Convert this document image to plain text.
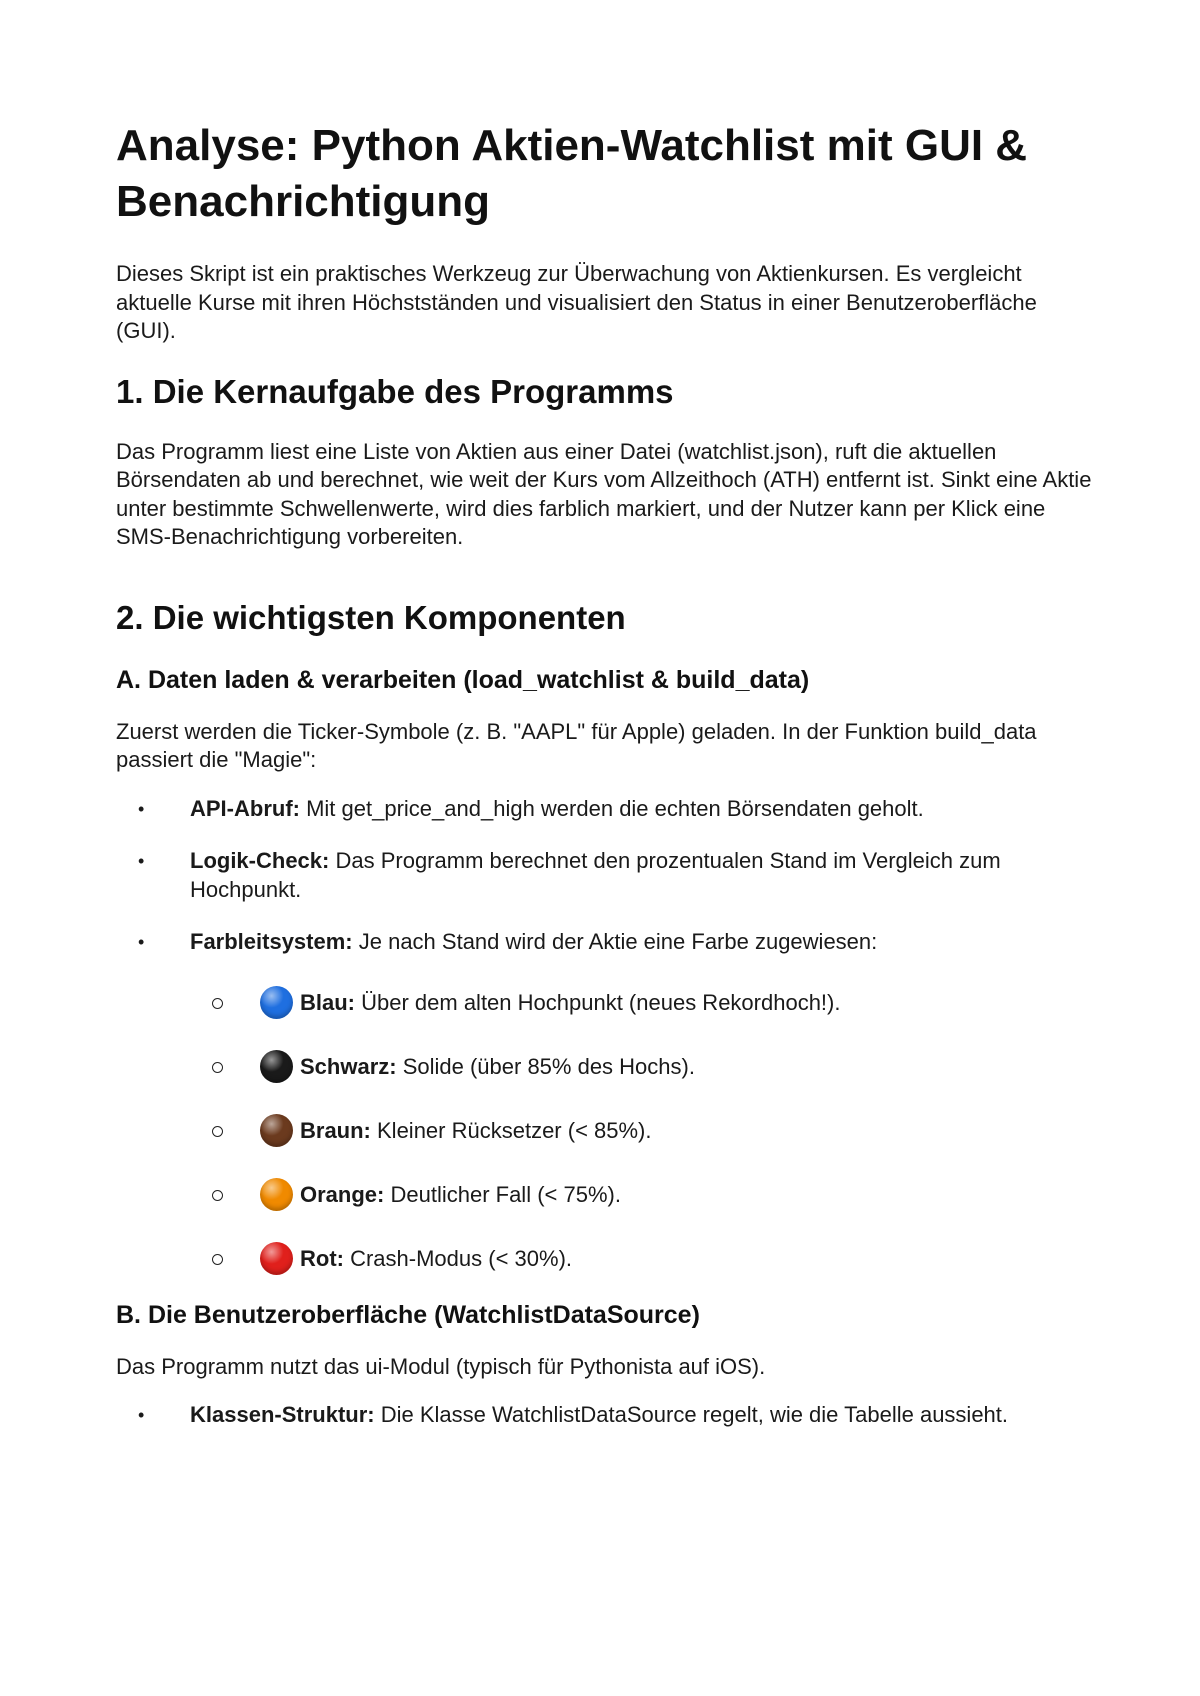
Analyse: Python Aktien-Watchlist mit GUI & Benachrichtigung

Dieses Skript ist ein praktisches Werkzeug zur Überwachung von Aktienkursen. Es vergleicht aktuelle Kurse mit ihren Höchstständen und visualisiert den Status in einer Benutzeroberfläche (GUI).

1. Die Kernaufgabe des Programms

Das Programm liest eine Liste von Aktien aus einer Datei (watchlist.json), ruft die aktuellen Börsendaten ab und berechnet, wie weit der Kurs vom Allzeithoch (ATH) entfernt ist. Sinkt eine Aktie unter bestimmte Schwellenwerte, wird dies farblich markiert, und der Nutzer kann per Klick eine SMS-Benachrichtigung vorbereiten.

2. Die wichtigsten Komponenten
A. Daten laden & verarbeiten (load_watchlist & build_data)

Zuerst werden die Ticker-Symbole (z. B. "AAPL" für Apple) geladen. In der Funktion build_data passiert die "Magie":

• API-Abruf: Mit get_price_and_high werden die echten Börsendaten geholt.
• Logik-Check: Das Programm berechnet den prozentualen Stand im Vergleich zum Hochpunkt.
• Farbleitsystem: Je nach Stand wird der Aktie eine Farbe zugewiesen:
Blau: Über dem alten Hochpunkt (neues Rekordhoch!).
Schwarz: Solide (über 85% des Hochs).
Braun: Kleiner Rücksetzer (< 85%).
Orange: Deutlicher Fall (< 75%).
Rot: Crash-Modus (< 30%).
B. Die Benutzeroberfläche (WatchlistDataSource)

Das Programm nutzt das ui-Modul (typisch für Pythonista auf iOS).

• Klassen-Struktur: Die Klasse WatchlistDataSource regelt, wie die Tabelle aussieht.
